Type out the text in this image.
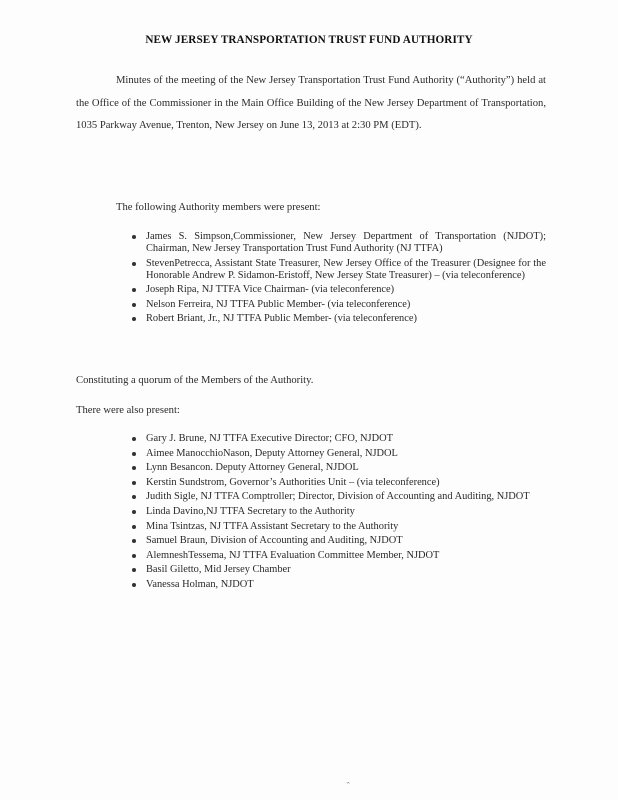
NEW JERSEY TRANSPORTATION TRUST FUND AUTHORITY

Minutes of the meeting of the New Jersey Transportation Trust Fund Authority (“Authority”) held at the Office of the Commissioner in the Main Office Building of the New Jersey Department of Transportation, 1035 Parkway Avenue, Trenton, New Jersey on June 13, 2013 at 2:30 PM (EDT).

The following Authority members were present:
James S. Simpson,Commissioner, New Jersey Department of Transportation (NJDOT); Chairman, New Jersey Transportation Trust Fund Authority (NJ TTFA)
StevenPetrecca, Assistant State Treasurer, New Jersey Office of the Treasurer (Designee for the Honorable Andrew P. Sidamon-Eristoff, New Jersey State Treasurer) – (via teleconference)
Joseph Ripa, NJ TTFA Vice Chairman- (via teleconference)
Nelson Ferreira, NJ TTFA Public Member- (via teleconference)
Robert Briant, Jr., NJ TTFA Public Member- (via teleconference)
Constituting a quorum of the Members of the Authority.
There were also present:
Gary J. Brune, NJ TTFA Executive Director; CFO, NJDOT
Aimee ManocchioNason, Deputy Attorney General, NJDOL
Lynn Besancon. Deputy Attorney General, NJDOL
Kerstin Sundstrom, Governor’s Authorities Unit – (via teleconference)
Judith Sigle, NJ TTFA Comptroller; Director, Division of Accounting and Auditing, NJDOT
Linda Davino,NJ TTFA Secretary to the Authority
Mina Tsintzas, NJ TTFA Assistant Secretary to the Authority
Samuel Braun, Division of Accounting and Auditing, NJDOT
AlemneshTessema, NJ TTFA Evaluation Committee Member, NJDOT
Basil Giletto, Mid Jersey Chamber
Vanessa Holman, NJDOT
ˆ
